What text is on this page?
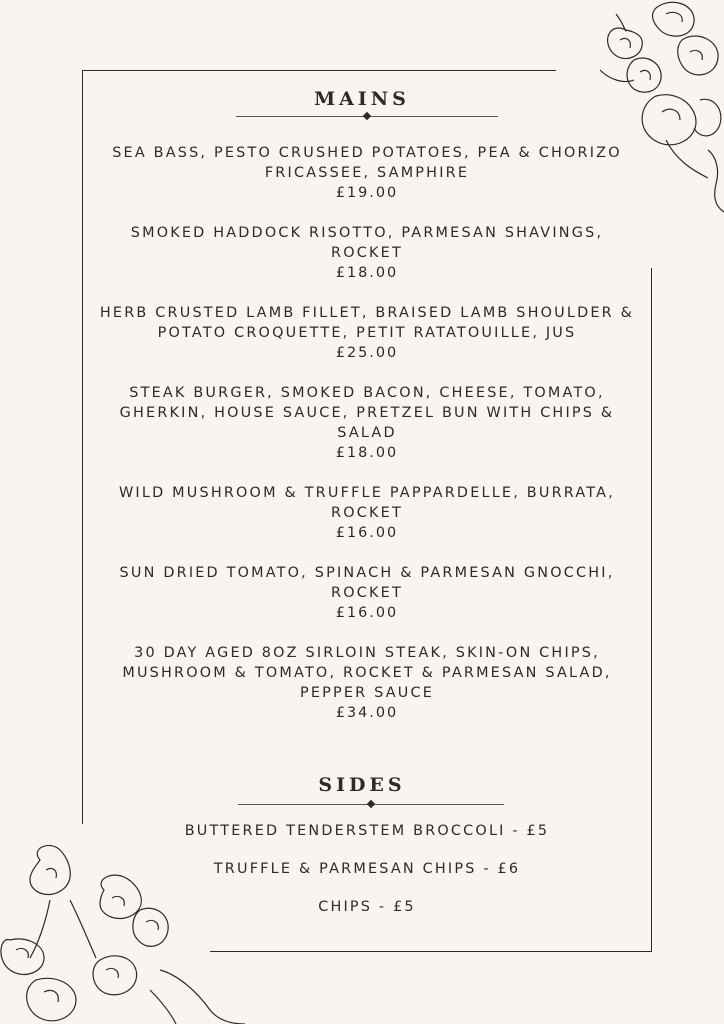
MAINS
SEA BASS, PESTO CRUSHED POTATOES, PEA & CHORIZO FRICASSEE, SAMPHIRE
£19.00
SMOKED HADDOCK RISOTTO, PARMESAN SHAVINGS, ROCKET
£18.00
HERB CRUSTED LAMB FILLET, BRAISED LAMB SHOULDER & POTATO CROQUETTE, PETIT RATATOUILLE, JUS
£25.00
STEAK BURGER, SMOKED BACON, CHEESE, TOMATO, GHERKIN, HOUSE SAUCE, PRETZEL BUN WITH CHIPS & SALAD
£18.00
WILD MUSHROOM & TRUFFLE PAPPARDELLE, BURRATA, ROCKET
£16.00
SUN DRIED TOMATO, SPINACH & PARMESAN GNOCCHI, ROCKET
£16.00
30 DAY AGED 8OZ SIRLOIN STEAK, SKIN-ON CHIPS, MUSHROOM & TOMATO, ROCKET & PARMESAN SALAD, PEPPER SAUCE
£34.00
SIDES
BUTTERED TENDERSTEM BROCCOLI - £5
TRUFFLE & PARMESAN CHIPS - £6
CHIPS - £5
